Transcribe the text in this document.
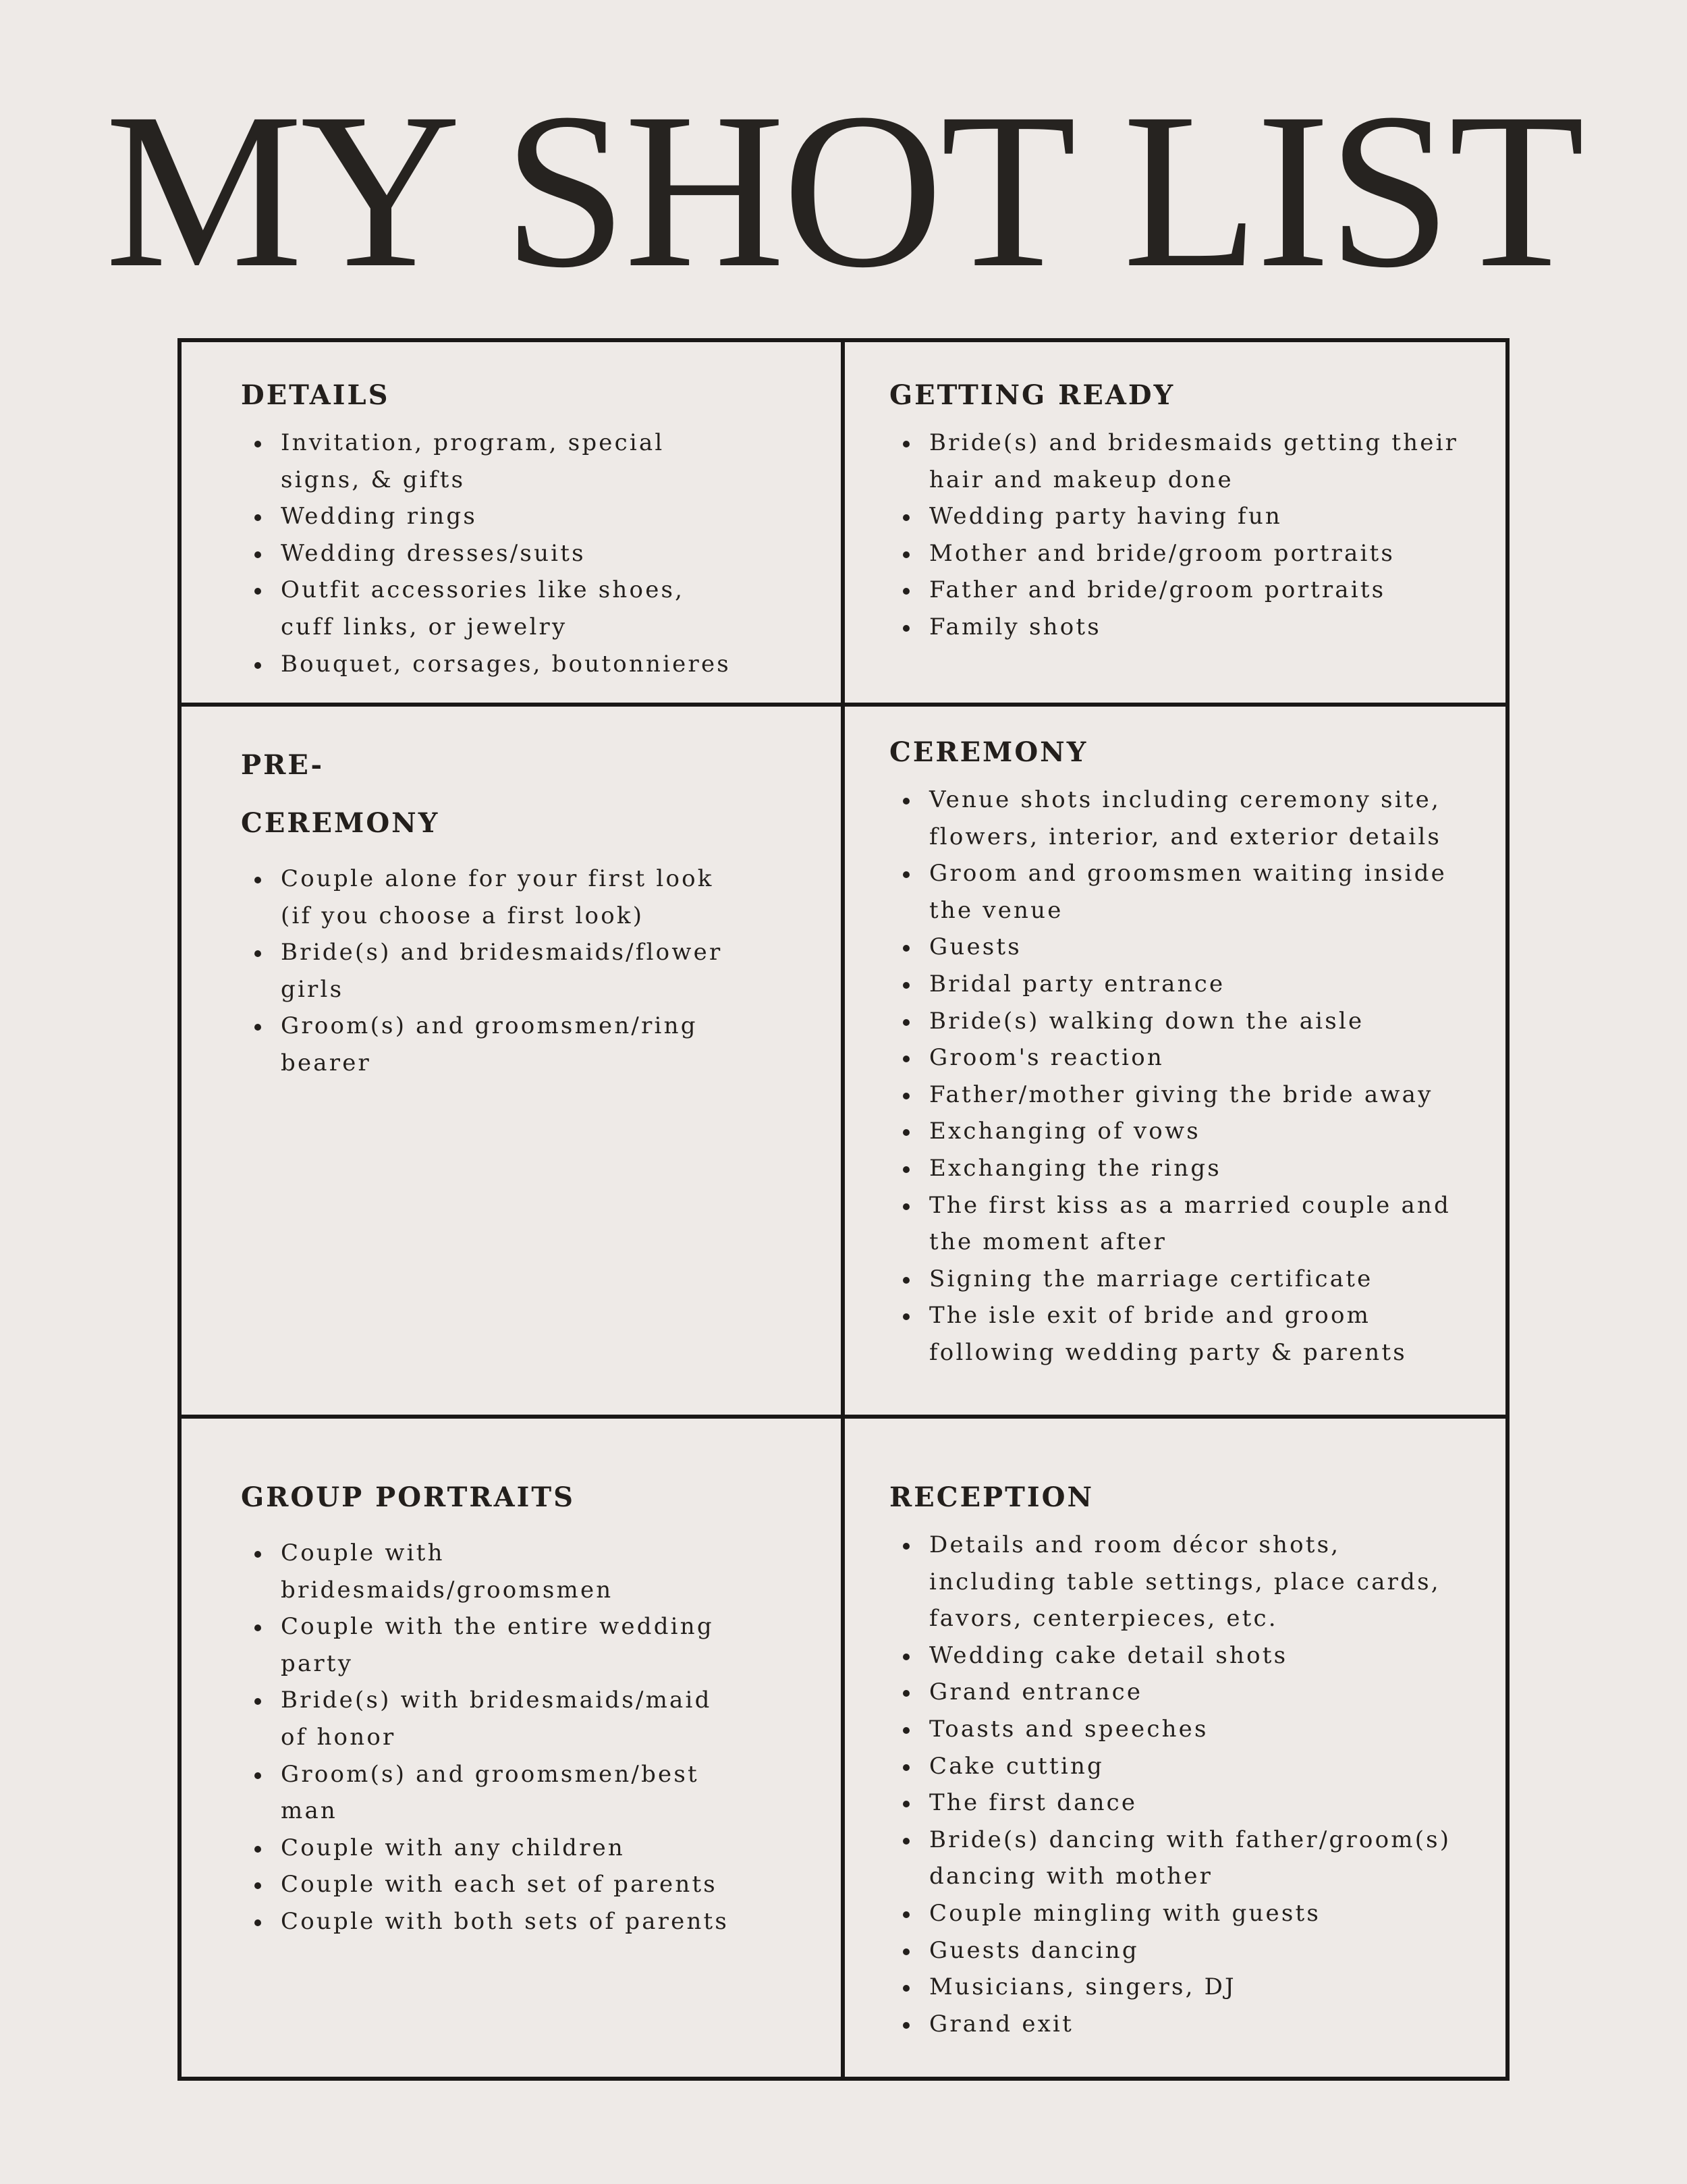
MY SHOT LIST
DETAILS
Invitation, program, special signs, & gifts
Wedding rings
Wedding dresses/suits
Outfit accessories like shoes, cuff links, or jewelry
Bouquet, corsages, boutonnieres
GETTING READY
Bride(s) and bridesmaids getting their hair and makeup done
Wedding party having fun
Mother and bride/groom portraits
Father and bride/groom portraits
Family shots
PRE-
CEREMONY
Couple alone for your first look (if you choose a first look)
Bride(s) and bridesmaids/flower girls
Groom(s) and groomsmen/ring bearer
CEREMONY
Venue shots including ceremony site, flowers, interior, and exterior details
Groom and groomsmen waiting inside the venue
Guests
Bridal party entrance
Bride(s) walking down the aisle
Groom's reaction
Father/mother giving the bride away
Exchanging of vows
Exchanging the rings
The first kiss as a married couple and the moment after
Signing the marriage certificate
The isle exit of bride and groom following wedding party & parents
GROUP PORTRAITS
Couple with bridesmaids/groomsmen
Couple with the entire wedding party
Bride(s) with bridesmaids/maid of honor
Groom(s) and groomsmen/best man
Couple with any children
Couple with each set of parents
Couple with both sets of parents
RECEPTION
Details and room décor shots, including table settings, place cards, favors, centerpieces, etc.
Wedding cake detail shots
Grand entrance
Toasts and speeches
Cake cutting
The first dance
Bride(s) dancing with father/groom(s) dancing with mother
Couple mingling with guests
Guests dancing
Musicians, singers, DJ
Grand exit
